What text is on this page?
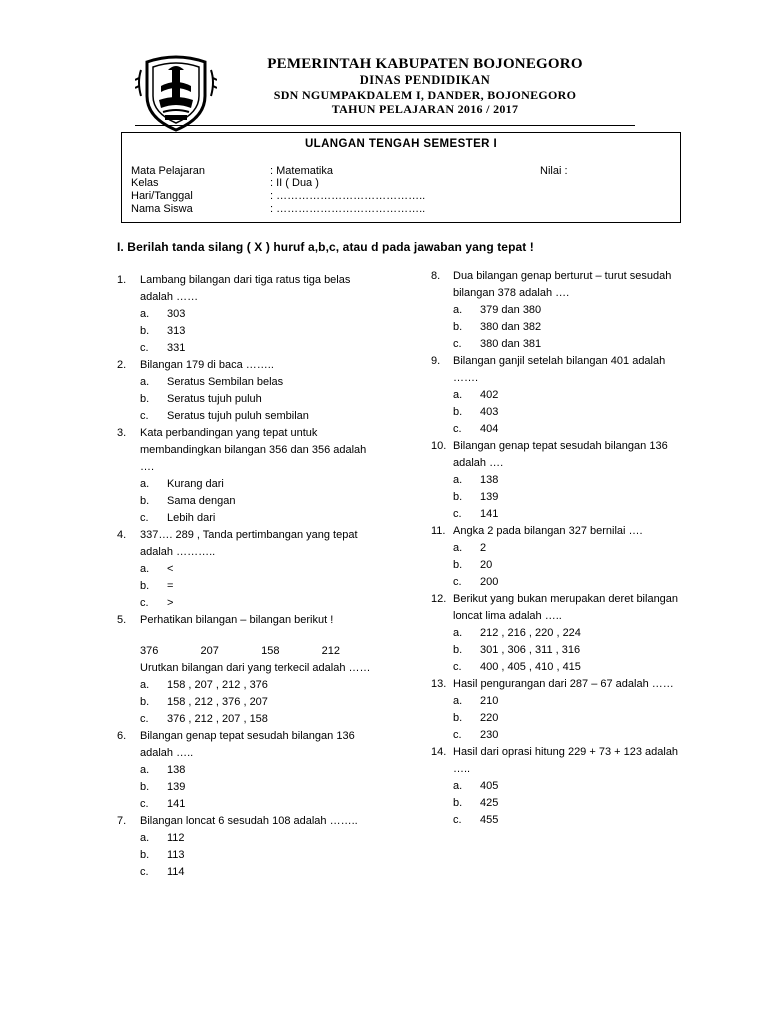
PEMERINTAH KABUPATEN BOJONEGORO
DINAS PENDIDIKAN
SDN NGUMPAKDALEM I, DANDER, BOJONEGORO
TAHUN PELAJARAN 2016 / 2017
ULANGAN TENGAH SEMESTER I
Nilai :
Mata Pelajaran	: Matematika
Kelas	: II ( Dua )
Hari/Tanggal	: …………………………………..
Nama Siswa	: …………………………………..
I. Berilah tanda silang ( X ) huruf a,b,c, atau d pada jawaban yang tepat !
1. Lambang bilangan dari tiga ratus tiga belas adalah ……
a. 303
b. 313
c. 331
2. Bilangan 179 di baca ……..
a. Seratus Sembilan belas
b. Seratus tujuh puluh
c. Seratus tujuh puluh sembilan
3. Kata perbandingan yang tepat untuk membandingkan bilangan 356 dan 356 adalah ….
a. Kurang dari
b. Sama dengan
c. Lebih dari
4. 337…. 289 , Tanda pertimbangan yang tepat adalah ………..
a. <
b. =
c. >
5. Perhatikan bilangan – bilangan berikut !
376	207	158	212
Urutkan bilangan dari yang terkecil adalah ……
a. 158 , 207 , 212 , 376
b. 158 , 212 , 376 , 207
c. 376 , 212 , 207 , 158
6. Bilangan genap tepat sesudah bilangan 136 adalah …..
a. 138
b. 139
c. 141
7. Bilangan loncat 6 sesudah 108 adalah ……..
a. 112
b. 113
c. 114
8. Dua bilangan genap berturut – turut sesudah bilangan 378 adalah ….
a. 379 dan 380
b. 380 dan 382
c. 380 dan 381
9. Bilangan ganjil setelah bilangan 401 adalah …….
a. 402
b. 403
c. 404
10. Bilangan genap tepat sesudah bilangan 136 adalah ….
a. 138
b. 139
c. 141
11. Angka 2 pada bilangan 327 bernilai ….
a. 2
b. 20
c. 200
12. Berikut yang bukan merupakan deret bilangan loncat lima adalah …..
a. 212 , 216 , 220 , 224
b. 301 , 306 , 311 , 316
c. 400 , 405 , 410 , 415
13. Hasil pengurangan dari 287 – 67 adalah ……
a. 210
b. 220
c. 230
14. Hasil dari oprasi hitung 229 + 73 + 123 adalah …..
a. 405
b. 425
c. 455
